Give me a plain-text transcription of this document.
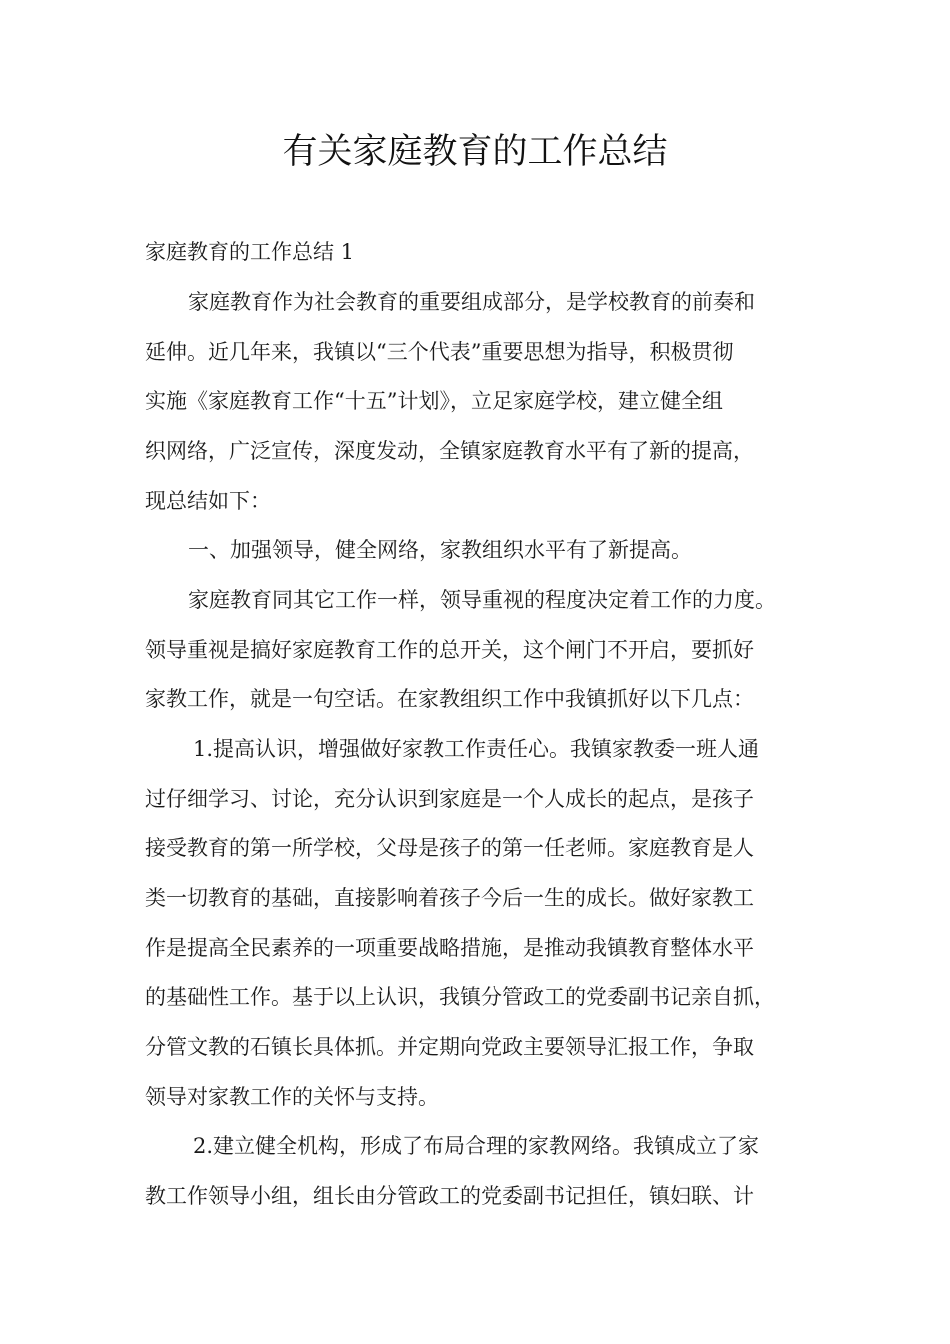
有关家庭教育的工作总结
家庭教育的工作总结 1
家庭教育作为社会教育的重要组成部分，是学校教育的前奏和
延伸。近几年来，我镇以“三个代表”重要思想为指导，积极贯彻
实施《家庭教育工作“十五”计划》，立足家庭学校，建立健全组
织网络，广泛宣传，深度发动，全镇家庭教育水平有了新的提高，
现总结如下：
一、加强领导，健全网络，家教组织水平有了新提高。
家庭教育同其它工作一样，领导重视的程度决定着工作的力度。
领导重视是搞好家庭教育工作的总开关，这个闸门不开启，要抓好
家教工作，就是一句空话。在家教组织工作中我镇抓好以下几点：
1.提高认识，增强做好家教工作责任心。我镇家教委一班人通
过仔细学习、讨论，充分认识到家庭是一个人成长的起点，是孩子
接受教育的第一所学校，父母是孩子的第一任老师。家庭教育是人
类一切教育的基础，直接影响着孩子今后一生的成长。做好家教工
作是提高全民素养的一项重要战略措施，是推动我镇教育整体水平
的基础性工作。基于以上认识，我镇分管政工的党委副书记亲自抓，
分管文教的石镇长具体抓。并定期向党政主要领导汇报工作，争取
领导对家教工作的关怀与支持。
2.建立健全机构，形成了布局合理的家教网络。我镇成立了家
教工作领导小组，组长由分管政工的党委副书记担任，镇妇联、计
